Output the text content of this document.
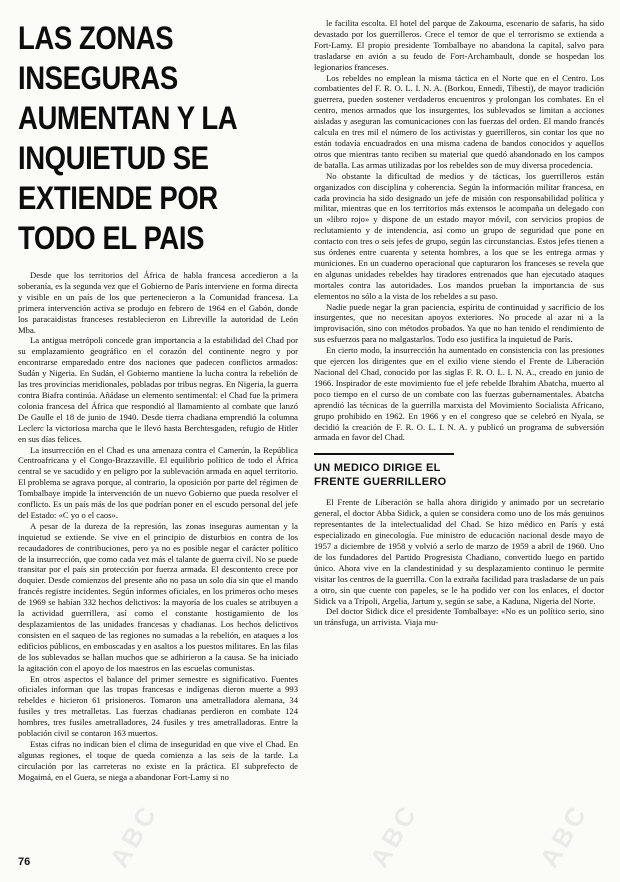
LAS ZONAS INSEGURAS AUMENTAN Y LA INQUIETUD SE EXTIENDE POR TODO EL PAIS

Desde que los territorios del África de habla francesa accedieron a la soberanía, es la segunda vez que el Gobierno de París interviene en forma directa y visible en un país de los que pertenecieron a la Comunidad francesa. La primera intervención activa se produjo en febrero de 1964 en el Gabón, donde los paracaidistas franceses restablecieron en Libreville la autoridad de León Mba.

La antigua metrópoli concede gran importancia a la estabilidad del Chad por su emplazamiento geográfico en el corazón del continente negro y por encontrarse emparedado entre dos naciones que padecen conflictos armados: Sudán y Nigeria. En Sudán, el Gobierno mantiene la lucha contra la rebelión de las tres provincias meridionales, pobladas por tribus negras. En Nigeria, la guerra contra Biafra continúa. Añádase un elemento sentimental: el Chad fue la primera colonia francesa del África que respondió al llamamiento al combate que lanzó De Gaulle el 18 de junio de 1940. Desde tierra chadiana emprendió la columna Leclerc la victoriosa marcha que le llevó hasta Berchtesgaden, refugio de Hitler en sus días felices.

La insurrección en el Chad es una amenaza contra el Camerún, la República Centroafricana y el Congo-Brazzaville. El equilibrio político de todo el África central se ve sacudido y en peligro por la sublevación armada en aquel territorio. El problema se agrava porque, al contrario, la oposición por parte del régimen de Tombalbaye impide la intervención de un nuevo Gobierno que pueda resolver el conflicto. Es un país más de los que podrían poner en el escudo personal del jefe del Estado: «C yo o el caos».

A pesar de la dureza de la represión, las zonas inseguras aumentan y la inquietud se extiende. Se vive en el principio de disturbios en contra de los recaudadores de contribuciones, pero ya no es posible negar el carácter político de la insurrección, que como cada vez más el talante de guerra civil. No se puede transitar por el país sin protección por fuerza armada. El descontento crece por doquier. Desde comienzos del presente año no pasa un solo día sin que el mando francés registre incidentes. Según informes oficiales, en los primeros ocho meses de 1969 se habían 332 hechos delictivos: la mayoría de los cuales se atribuyen a la actividad guerrillera, así como el constante hostigamiento de los desplazamientos de las unidades francesas y chadianas. Los hechos delictivos consisten en el saqueo de las regiones no sumadas a la rebelión, en ataques a los edificios públicos, en emboscadas y en asaltos a los puestos militares. En las filas de los sublevados se hallan muchos que se adhirieron a la causa. Se ha iniciado la agitación con el apoyo de los maestros en las escuelas comunistas.

En otros aspectos el balance del primer semestre es significativo. Fuentes oficiales informan que las tropas francesas e indígenas dieron muerte a 993 rebeldes e hicieron 61 prisioneros. Tomaron una ametralladora alemana, 34 fusiles y tres metralletas. Las fuerzas chadianas perdieron en combate 124 hombres, tres fusiles ametralladores, 24 fusiles y tres ametralladoras. Entre la población civil se contaron 163 muertos.

Estas cifras no indican bien el clima de inseguridad en que vive el Chad. En algunas regiones, el toque de queda comienza a las seis de la tarde. La circulación por las carreteras no existe en la práctica. El subprefecto de Mogaimá, en el Guera, se niega a abandonar Fort-Lamy si no

le facilita escolta. El hotel del parque de Zakouma, escenario de safaris, ha sido devastado por los guerrilleros. Crece el temor de que el terrorismo se extienda a Fort-Lamy. El propio presidente Tombalbaye no abandona la capital, salvo para trasladarse en avión a su feudo de Fort-Archambault, donde se hospedan los legionarios franceses.

Los rebeldes no emplean la misma táctica en el Norte que en el Centro. Los combatientes del F. R. O. L. I. N. A. (Borkou, Ennedi, Tibesti), de mayor tradición guerrera, pueden sostener verdaderos encuentros y prolongan los combates. En el centro, menos armados que los insurgentes, los sublevados se limitan a acciones aisladas y aseguran las comunicaciones con las fuerzas del orden. El mando francés calcula en tres mil el número de los activistas y guerrilleros, sin contar los que no están todavía encuadrados en una misma cadena de bandos conocidos y aquellos otros que mientras tanto reciben su material que quedó abandonado en los campos de batalla. Las armas utilizadas por los rebeldes son de muy diversa procedencia.

No obstante la dificultad de medios y de tácticas, los guerrilleros están organizados con disciplina y coherencia. Según la información militar francesa, en cada provincia ha sido designado un jefe de misión con responsabilidad política y militar, mientras que en los territorios más extensos le acompaña un delegado con un «libro rojo» y dispone de un estado mayor móvil, con servicios propios de reclutamiento y de intendencia, así como un grupo de seguridad que pone en contacto con tres o seis jefes de grupo, según las circunstancias. Estos jefes tienen a sus órdenes entre cuarenta y setenta hombres, a los que se les entrega armas y municiones. En un cuaderno operacional que capturaron los franceses se revela que en algunas unidades rebeldes hay tiradores entrenados que han ejecutado ataques mortales contra las autoridades. Los mandos prueban la importancia de sus elementos no sólo a la vista de los rebeldes a su paso.

Nadie puede negar la gran paciencia, espíritu de continuidad y sacrificio de los insurgentes, que no necesitan apoyos exteriores. No procede al azar ni a la improvisación, sino con métodos probados. Ya que no han tenido el rendimiento de sus esfuerzos para no malgastarlos. Todo eso justifica la inquietud de París.

En cierto modo, la insurrección ha aumentado en consistencia con las presiones que ejercen los dirigentes que en el exilio viene siendo el Frente de Liberación Nacional del Chad, conocido por las siglas F. R. O. L. I. N. A., creado en junio de 1966. Inspirador de este movimiento fue el jefe rebelde Ibrahim Abatcha, muerto al poco tiempo en el curso de un combate con las fuerzas gubernamentales. Abatcha aprendió las técnicas de la guerrilla marxista del Movimiento Socialista Africano, grupo prohibido en 1962. En 1966 y en el congreso que se celebró en Nyala, se decidió la creación de F. R. O. L. I. N. A. y publicó un programa de subversión armada en favor del Chad.

UN MEDICO DIRIGE EL FRENTE GUERRILLERO

El Frente de Liberación se halla ahora dirigido y animado por un secretario general, el doctor Abba Sidick, a quien se considera como uno de los más genuinos representantes de la intelectualidad del Chad. Se hizo médico en París y está especializado en ginecología. Fue ministro de educación nacional desde mayo de 1957 a diciembre de 1958 y volvió a serlo de marzo de 1959 a abril de 1960. Uno de los fundadores del Partido Progresista Chadiano, convertido luego en partido único. Ahora vive en la clandestinidad y su desplazamiento continuo le permite visitar los centros de la guerrilla. Con la extraña facilidad para trasladarse de un país a otro, sin que cuente con papeles, se le ha podido ver con los enlaces, el doctor Sidick va a Trípoli, Argelia, Jartum y, según se sabe, a Kaduna, Nigeria del Norte.

Del doctor Sidick dice el presidente Tombalbaye: «No es un político serio, sino un tránsfuga, un arrivista. Viaja mu-

76	ABC	ABC	ABC
